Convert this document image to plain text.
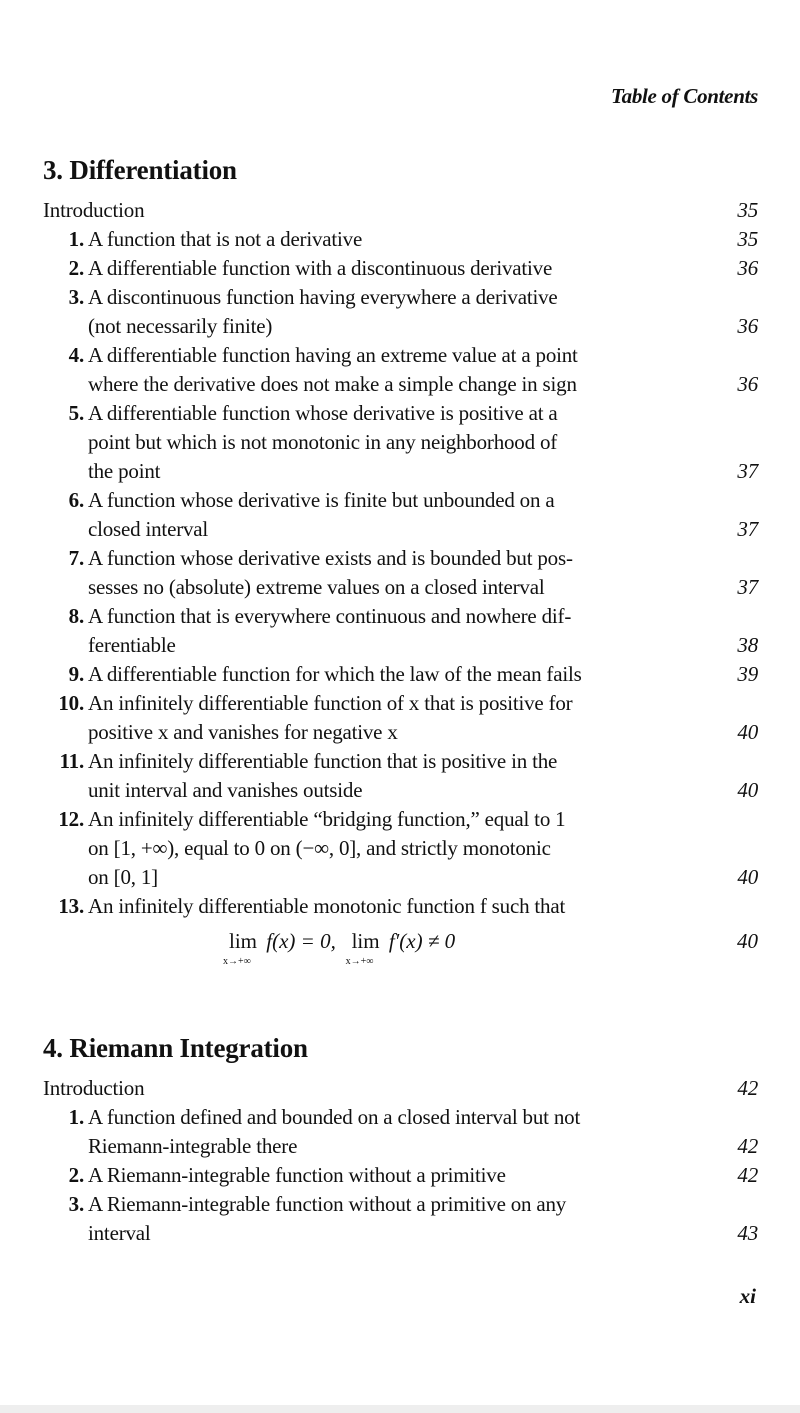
Table of Contents
3. Differentiation
Introduction	35
1. A function that is not a derivative	35
2. A differentiable function with a discontinuous derivative	36
3. A discontinuous function having everywhere a derivative
(not necessarily finite)	36
4. A differentiable function having an extreme value at a point
where the derivative does not make a simple change in sign	36
5. A differentiable function whose derivative is positive at a
point but which is not monotonic in any neighborhood of
the point	37
6. A function whose derivative is finite but unbounded on a
closed interval	37
7. A function whose derivative exists and is bounded but pos-
sesses no (absolute) extreme values on a closed interval	37
8. A function that is everywhere continuous and nowhere dif-
ferentiable	38
9. A differentiable function for which the law of the mean fails	39
10. An infinitely differentiable function of x that is positive for
positive x and vanishes for negative x	40
11. An infinitely differentiable function that is positive in the
unit interval and vanishes outside	40
12. An infinitely differentiable “bridging function,” equal to 1
on [1, +∞), equal to 0 on (−∞, 0], and strictly monotonic
on [0, 1]	40
13. An infinitely differentiable monotonic function f such that
lim
x→+∞
f(x) = 0, lim
x→+∞
f′(x) ≠ 0	40
4. Riemann Integration
Introduction	42
1. A function defined and bounded on a closed interval but not
Riemann-integrable there	42
2. A Riemann-integrable function without a primitive	42
3. A Riemann-integrable function without a primitive on any
interval	43
xi
